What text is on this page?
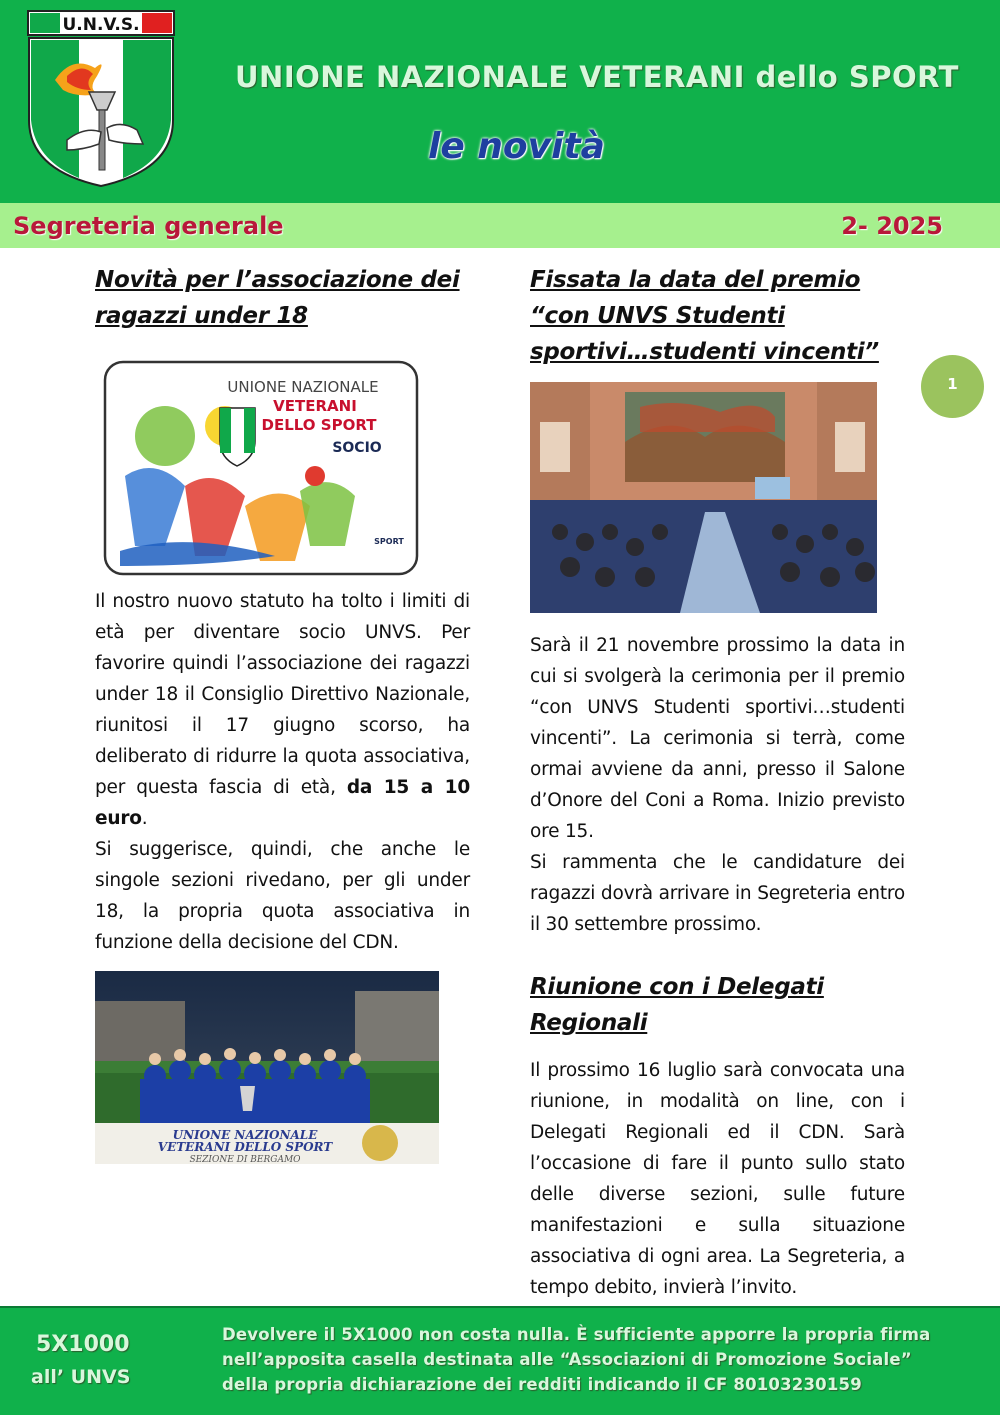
U.N.V.S.
UNIONE NAZIONALE VETERANI dello SPORT
le novità
Segreteria generale	2- 2025
1
Novità per l’associazione dei ragazzi under 18
UNIONE NAZIONALE
VETERANI
DELLO SPORT
SOCIO
SPORT

Il nostro nuovo statuto ha tolto i limiti di età per diventare socio UNVS. Per favorire quindi l’associazione dei ragazzi under 18 il Consiglio Direttivo Nazionale, riunitosi il 17 giugno scorso, ha deliberato di ridurre la quota associativa, per questa fascia di età, da 15 a 10 euro.

Si suggerisce, quindi, che anche le singole sezioni rivedano, per gli under 18, la propria quota associativa in funzione della decisione del CDN.

UNIONE NAZIONALE
VETERANI DELLO SPORT
SEZIONE DI BERGAMO
Fissata la data del premio “con UNVS Studenti sportivi…studenti vincenti”

Sarà il 21 novembre prossimo la data in cui si svolgerà la cerimonia per il premio “con UNVS Studenti sportivi…studenti vincenti”. La cerimonia si terrà, come ormai avviene da anni, presso il Salone d’Onore del Coni a Roma. Inizio previsto ore 15.

Si rammenta che le candidature dei ragazzi dovrà arrivare in Segreteria entro il 30 settembre prossimo.

Riunione con i Delegati Regionali

Il prossimo 16 luglio sarà convocata una riunione, in modalità on line, con i Delegati Regionali ed il CDN. Sarà l’occasione di fare il punto sullo stato delle diverse sezioni, sulle future manifestazioni e sulla situazione associativa di ogni area. La Segreteria, a tempo debito, invierà l’invito.

5X1000
all’ UNVS
Devolvere il 5X1000 non costa nulla. È sufficiente apporre la propria firma nell’apposita casella destinata alle “Associazioni di Promozione Sociale” della propria dichiarazione dei redditi indicando il CF 80103230159
